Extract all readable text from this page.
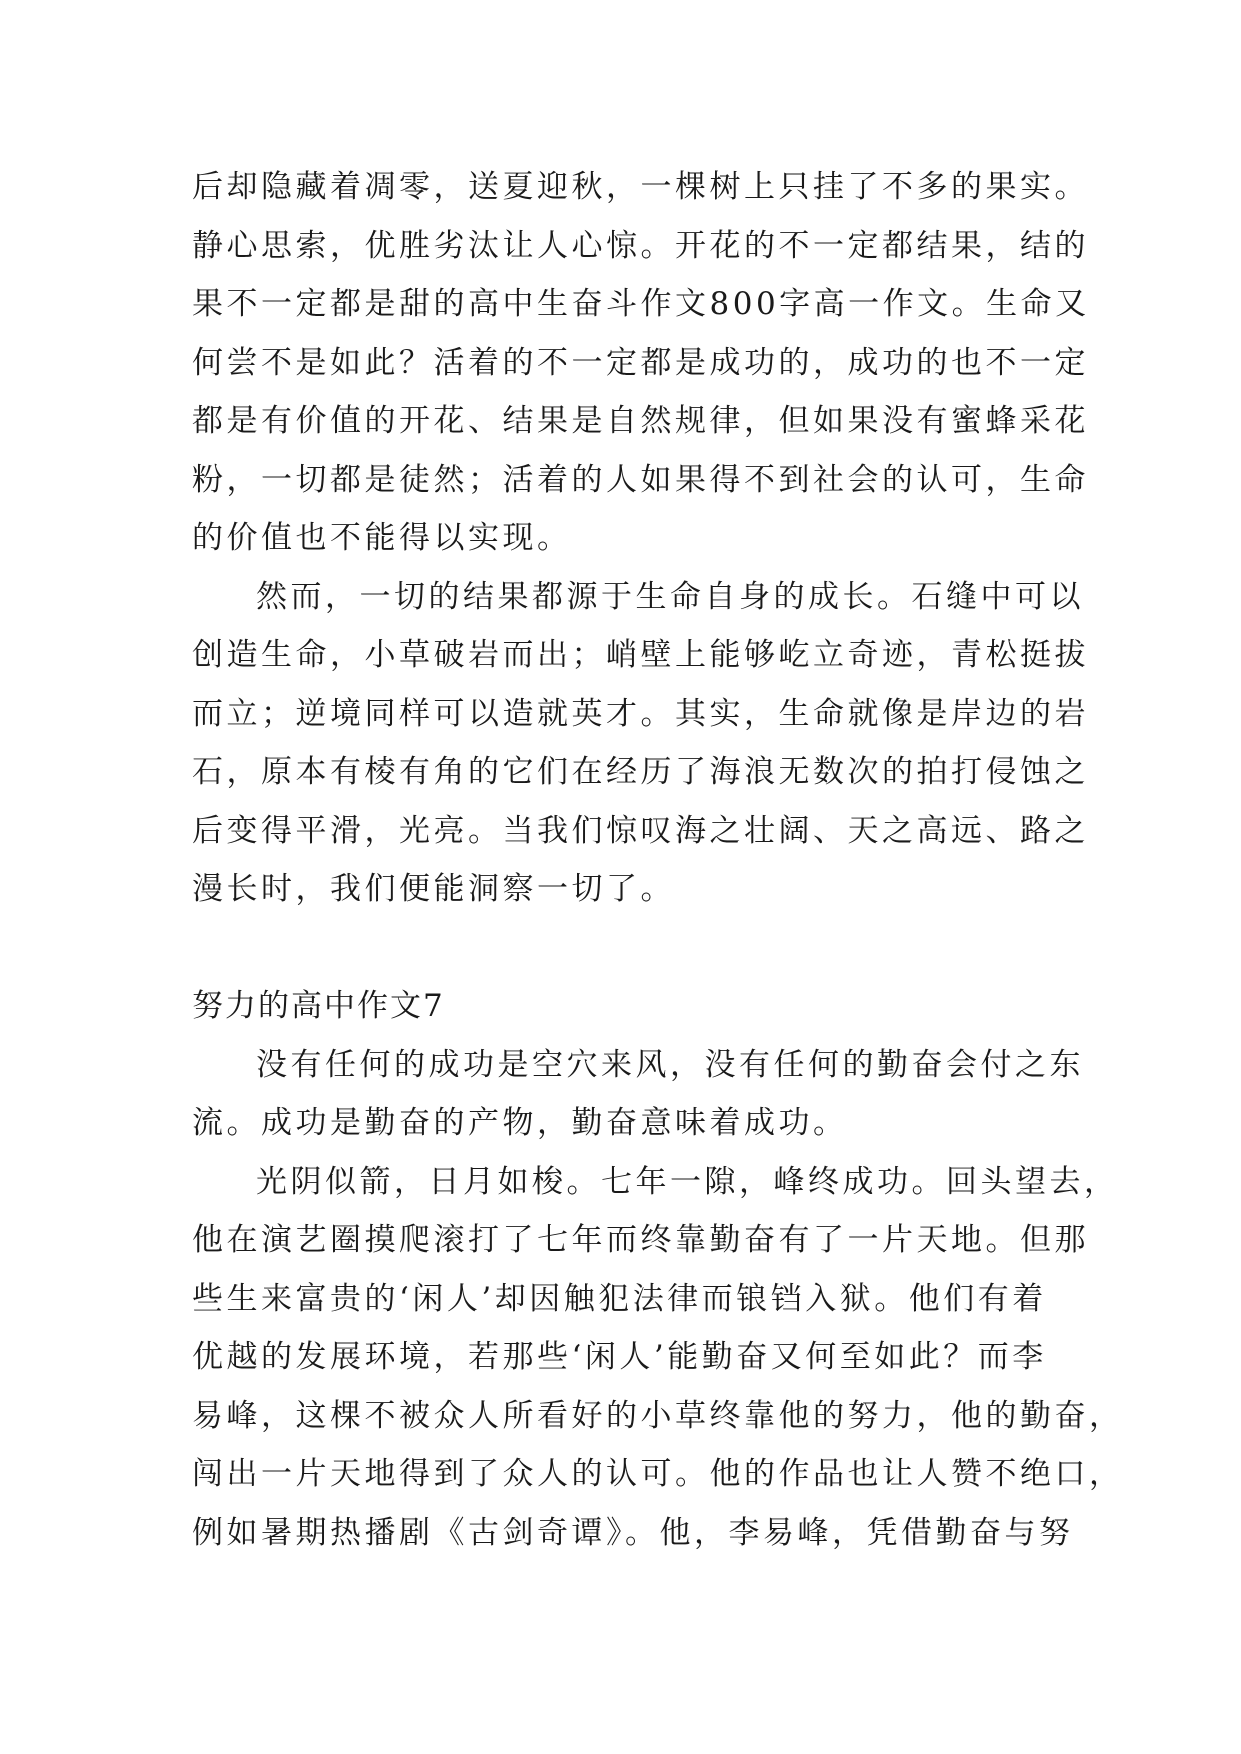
后却隐藏着凋零，送夏迎秋，一棵树上只挂了不多的果实。
静心思索，优胜劣汰让人心惊。开花的不一定都结果，结的
果不一定都是甜的高中生奋斗作文800字高一作文。生命又
何尝不是如此？活着的不一定都是成功的，成功的也不一定
都是有价值的开花、结果是自然规律，但如果没有蜜蜂采花
粉，一切都是徒然；活着的人如果得不到社会的认可，生命
的价值也不能得以实现。
然而，一切的结果都源于生命自身的成长。石缝中可以
创造生命，小草破岩而出；峭壁上能够屹立奇迹，青松挺拔
而立；逆境同样可以造就英才。其实，生命就像是岸边的岩
石，原本有棱有角的它们在经历了海浪无数次的拍打侵蚀之
后变得平滑，光亮。当我们惊叹海之壮阔、天之高远、路之
漫长时，我们便能洞察一切了。
努力的高中作文7
没有任何的成功是空穴来风，没有任何的勤奋会付之东
流。成功是勤奋的产物，勤奋意味着成功。
光阴似箭，日月如梭。七年一隙，峰终成功。回头望去，
他在演艺圈摸爬滚打了七年而终靠勤奋有了一片天地。但那
些生来富贵的‘闲人’却因触犯法律而锒铛入狱。他们有着
优越的发展环境，若那些‘闲人’能勤奋又何至如此？而李
易峰，这棵不被众人所看好的小草终靠他的努力，他的勤奋，
闯出一片天地得到了众人的认可。他的作品也让人赞不绝口，
例如暑期热播剧《古剑奇谭》。他，李易峰，凭借勤奋与努
